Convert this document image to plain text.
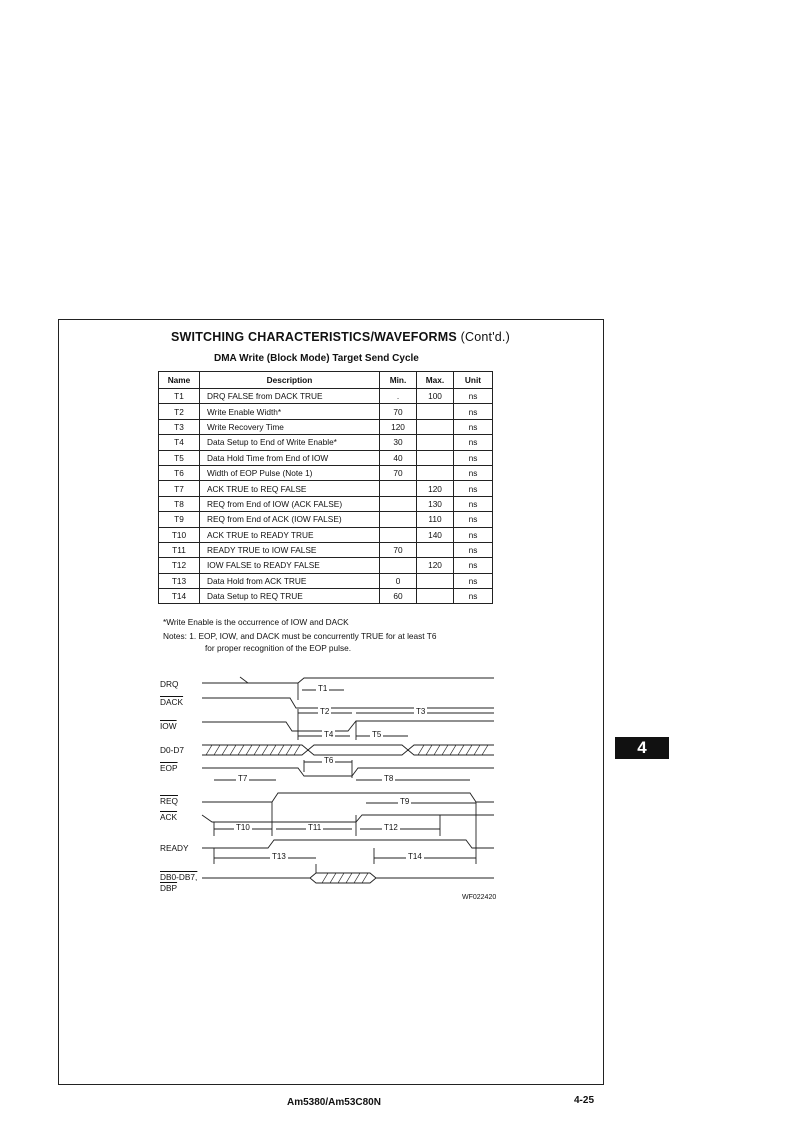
SWITCHING CHARACTERISTICS/WAVEFORMS (Cont'd.)
DMA Write (Block Mode) Target Send Cycle
Name	Description	Min.	Max.	Unit
T1	DRQ FALSE from DACK TRUE	.	100	ns
T2	Write Enable Width*	70		ns
T3	Write Recovery Time	120		ns
T4	Data Setup to End of Write Enable*	30		ns
T5	Data Hold Time from End of IOW	40		ns
T6	Width of EOP Pulse (Note 1)	70		ns
T7	ACK TRUE to REQ FALSE		120	ns
T8	REQ from End of IOW (ACK FALSE)		130	ns
T9	REQ from End of ACK (IOW FALSE)		110	ns
T10	ACK TRUE to READY TRUE		140	ns
T11	READY TRUE to IOW FALSE	70		ns
T12	IOW FALSE to READY FALSE		120	ns
T13	Data Hold from ACK TRUE	0		ns
T14	Data Setup to REQ TRUE	60		ns
*Write Enable is the occurrence of IOW and DACK
Notes: 1. EOP, IOW, and DACK must be concurrently TRUE for at least T6
for proper recognition of the EOP pulse.
DRQ
DACK
$\overline{IOW}$
D0-D7
$\overline{EOP}$
$\overline{REQ}$
$\overline{ACK}$
READY
DB0-DB7,
$\overline{DBP}$
T1
T2	T3
T4	T5
T6
T7	T8
T9
T10	T11	T12
T13	T14
WF022420
4
Am5380/Am53C80N	4-25
